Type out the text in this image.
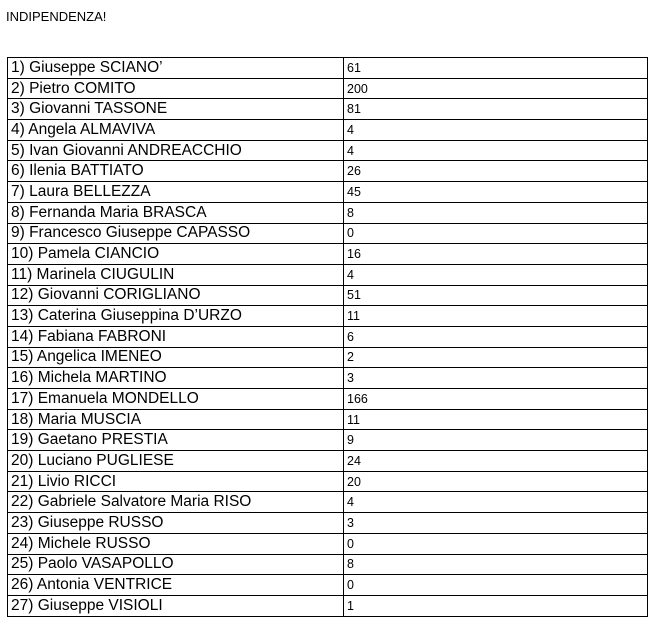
INDIPENDENZA!
1) Giuseppe SCIANO’	61
2) Pietro COMITO	200
3) Giovanni TASSONE	81
4) Angela ALMAVIVA	4
5) Ivan Giovanni ANDREACCHIO	4
6) Ilenia BATTIATO	26
7) Laura BELLEZZA	45
8) Fernanda Maria BRASCA	8
9) Francesco Giuseppe CAPASSO	0
10) Pamela CIANCIO	16
11) Marinela CIUGULIN	4
12) Giovanni CORIGLIANO	51
13) Caterina Giuseppina D’URZO	11
14) Fabiana FABRONI	6
15) Angelica IMENEO	2
16) Michela MARTINO	3
17) Emanuela MONDELLO	166
18) Maria MUSCIA	11
19) Gaetano PRESTIA	9
20) Luciano PUGLIESE	24
21) Livio RICCI	20
22) Gabriele Salvatore Maria RISO	4
23) Giuseppe RUSSO	3
24) Michele RUSSO	0
25) Paolo VASAPOLLO	8
26) Antonia VENTRICE	0
27) Giuseppe VISIOLI	1
